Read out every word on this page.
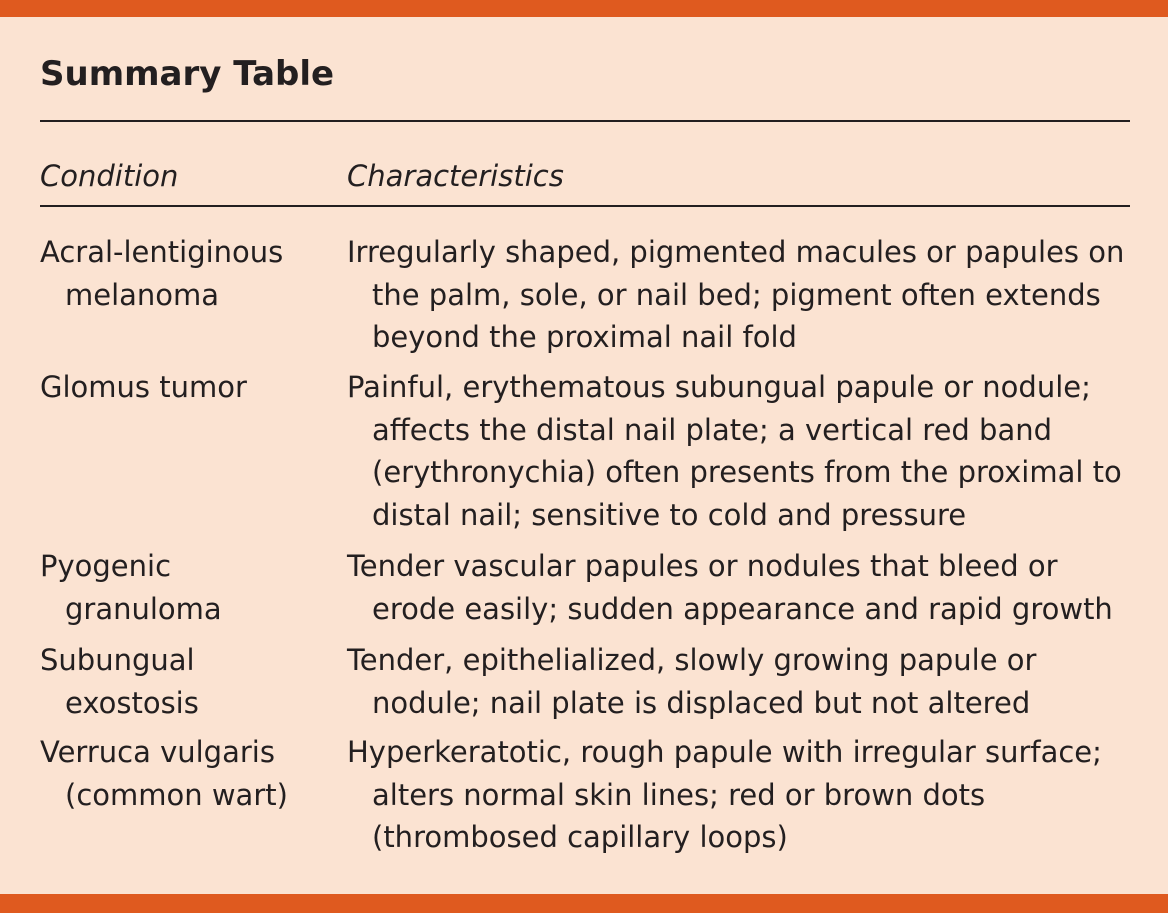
Summary Table
Condition	Characteristics
Acral-lentiginous
melanoma
Irregularly shaped, pigmented macules or papules on
the palm, sole, or nail bed; pigment often extends
beyond the proximal nail fold
Glomus tumor	Painful, erythematous subungual papule or nodule;
affects the distal nail plate; a vertical red band
(erythronychia) often presents from the proximal to
distal nail; sensitive to cold and pressure
Pyogenic
granuloma
Tender vascular papules or nodules that bleed or
erode easily; sudden appearance and rapid growth
Subungual
exostosis
Tender, epithelialized, slowly growing papule or
nodule; nail plate is displaced but not altered
Verruca vulgaris
(common wart)
Hyperkeratotic, rough papule with irregular surface;
alters normal skin lines; red or brown dots
(thrombosed capillary loops)
